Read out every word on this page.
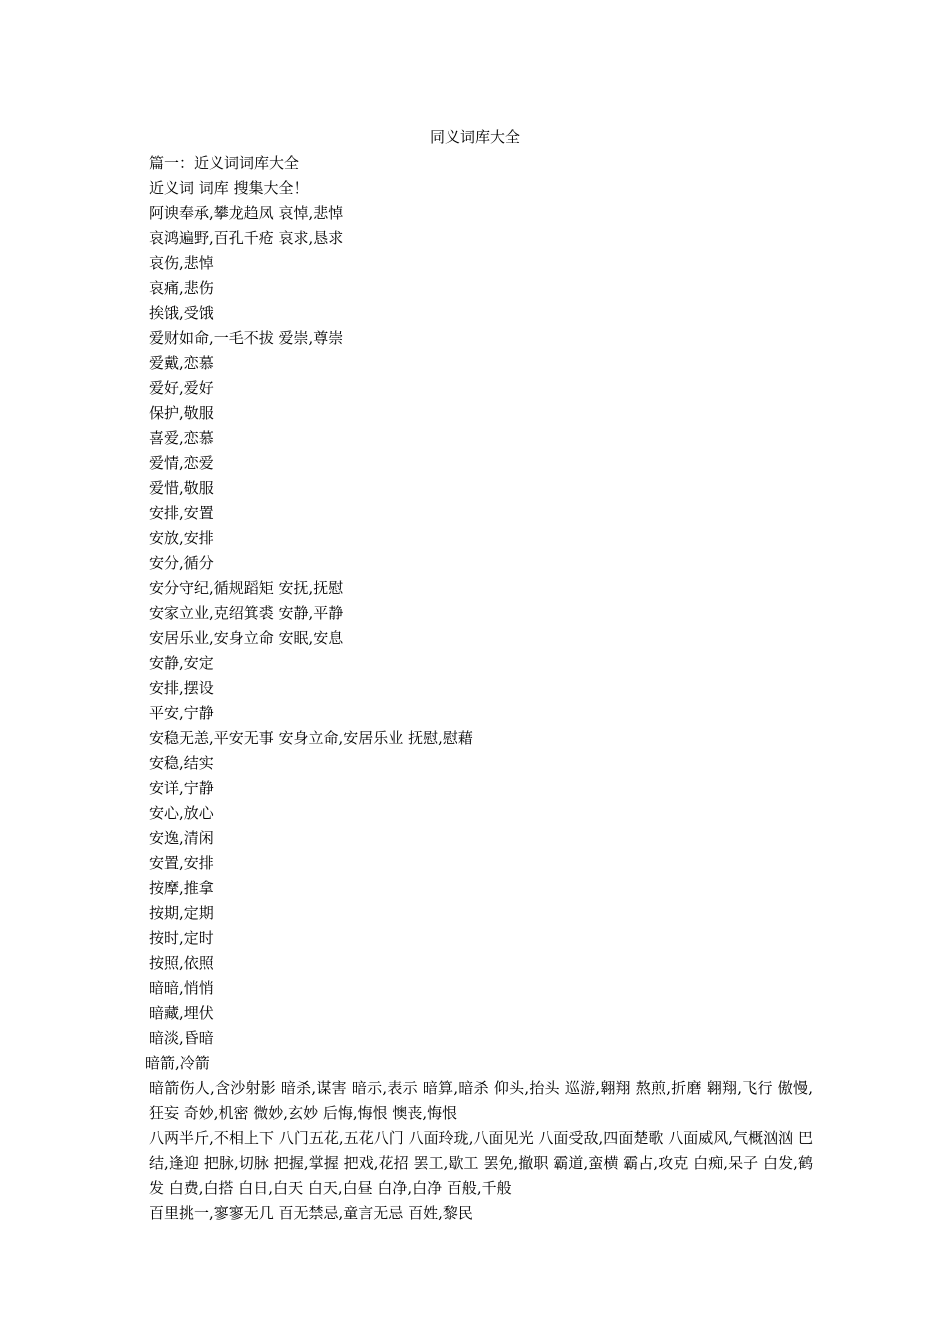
同义词库大全
篇一：近义词词库大全
近义词 词库 搜集大全！
阿谀奉承,攀龙趋凤 哀悼,悲悼
哀鸿遍野,百孔千疮 哀求,恳求
哀伤,悲悼
哀痛,悲伤
挨饿,受饿
爱财如命,一毛不拔 爱崇,尊崇
爱戴,恋慕
爱好,爱好
保护,敬服
喜爱,恋慕
爱情,恋爱
爱惜,敬服
安排,安置
安放,安排
安分,循分
安分守纪,循规蹈矩 安抚,抚慰
安家立业,克绍箕裘 安静,平静
安居乐业,安身立命 安眠,安息
安静,安定
安排,摆设
平安,宁静
安稳无恙,平安无事 安身立命,安居乐业 抚慰,慰藉
安稳,结实
安详,宁静
安心,放心
安逸,清闲
安置,安排
按摩,推拿
按期,定期
按时,定时
按照,依照
暗暗,悄悄
暗藏,埋伏
暗淡,昏暗
暗箭,冷箭
暗箭伤人,含沙射影 暗杀,谋害 暗示,表示 暗算,暗杀 仰头,抬头 巡游,翱翔 熬煎,折磨 翱翔,飞行 傲慢,狂妄 奇妙,机密 微妙,玄妙 后悔,悔恨 懊丧,悔恨
八两半斤,不相上下 八门五花,五花八门 八面玲珑,八面见光 八面受敌,四面楚歌 八面威风,气概汹汹 巴结,逢迎 把脉,切脉 把握,掌握 把戏,花招 罢工,歇工 罢免,撤职 霸道,蛮横 霸占,攻克 白痴,呆子 白发,鹤发 白费,白搭 白日,白天 白天,白昼 白净,白净 百般,千般
百里挑一,寥寥无几 百无禁忌,童言无忌 百姓,黎民
